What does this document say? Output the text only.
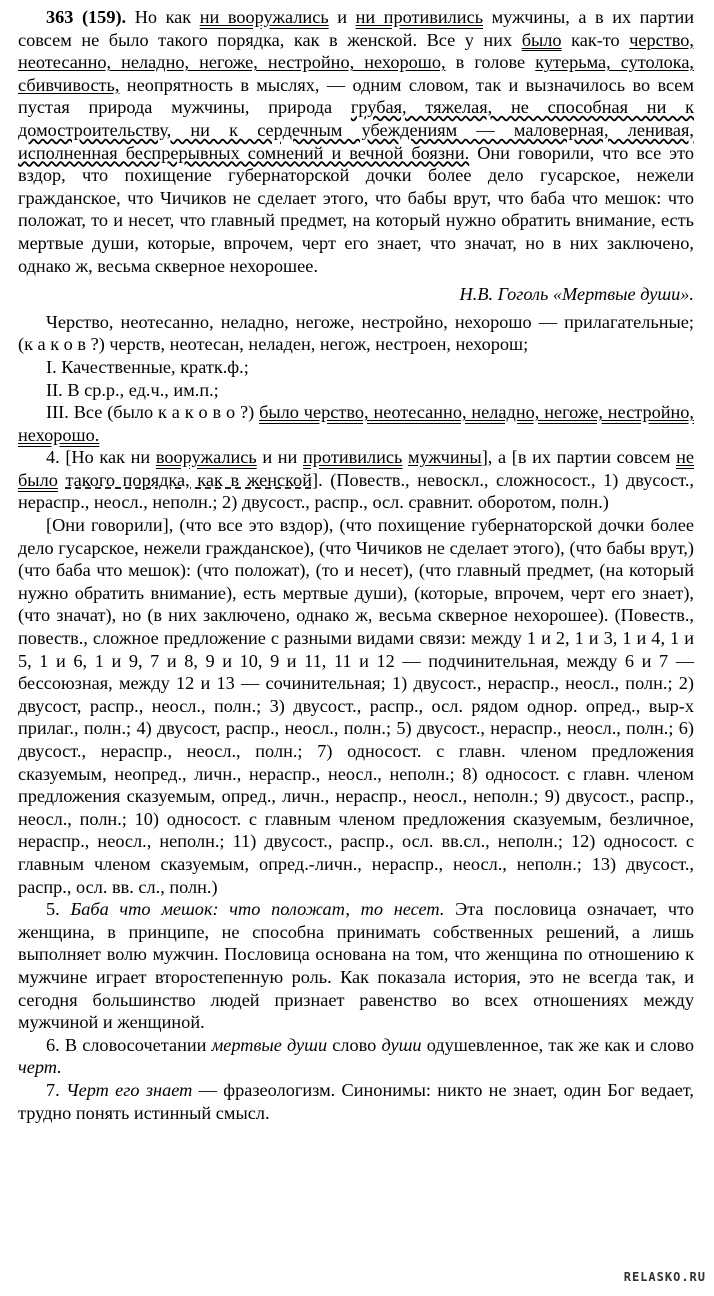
363 (159). Но как ни вооружались и ни противились мужчины, а в их партии совсем не было такого порядка, как в женской. Все у них было как-то черство, неотесанно, неладно, негоже, нестройно, нехорошо, в голове кутерьма, сутолока, сбивчивость, неопрятность в мыслях, — одним словом, так и вызначилось во всем пустая природа мужчины, природа грубая, тяжелая, не способная ни к домостроительству, ни к сердечным убеждениям — маловерная, ленивая, исполненная беспрерывных сомнений и вечной боязни. Они говорили, что все это вздор, что похищение губернаторской дочки более дело гусарское, нежели гражданское, что Чичиков не сделает этого, что бабы врут, что баба что мешок: что положат, то и несет, что главный предмет, на который нужно обратить внимание, есть мертвые души, которые, впрочем, черт его знает, что значат, но в них заключено, однако ж, весьма скверное нехорошее.

Н.В. Гоголь «Мертвые души».

Черство, неотесанно, неладно, негоже, нестройно, нехорошо — прилагательные; (к а к о в ?) черств, неотесан, неладен, негож, нестроен, нехорош;

I. Качественные, кратк.ф.;

II. В ср.р., ед.ч., им.п.;

III. Все (было к а к о в о ?) было черство, неотесанно, неладно, негоже, нестройно, нехорошо.

4. [Но как ни вооружались и ни противились мужчины], а [в их партии совсем не было такого порядка, как в женской]. (Повеств., невоскл., сложносост., 1) двусост., нераспр., неосл., неполн.; 2) двусост., распр., осл. сравнит. оборотом, полн.)

[Они говорили], (что все это вздор), (что похищение губернаторской дочки более дело гусарское, нежели гражданское), (что Чичиков не сделает этого), (что бабы врут,) (что баба что мешок): (что положат), (то и несет), (что главный предмет, (на который нужно обратить внимание), есть мертвые души), (которые, впрочем, черт его знает), (что значат), но (в них заключено, однако ж, весьма скверное нехорошее). (Повеств., повеств., сложное предложение с разными видами связи: между 1 и 2, 1 и 3, 1 и 4, 1 и 5, 1 и 6, 1 и 9, 7 и 8, 9 и 10, 9 и 11, 11 и 12 — подчинительная, между 6 и 7 — бессоюзная, между 12 и 13 — сочинительная; 1) двусост., нераспр., неосл., полн.; 2) двусост, распр., неосл., полн.; 3) двусост., распр., осл. рядом однор. опред., выр-х прилаг., полн.; 4) двусост, распр., неосл., полн.; 5) двусост., нераспр., неосл., полн.; 6) двусост., нераспр., неосл., полн.; 7) односост. с главн. членом предложения сказуемым, неопред., личн., нераспр., неосл., неполн.; 8) односост. с главн. членом предложения сказуемым, опред., личн., нераспр., неосл., неполн.; 9) двусост., распр., неосл., полн.; 10) односост. с главным членом предложения сказуемым, безличное, нераспр., неосл., неполн.; 11) двусост., распр., осл. вв.сл., неполн.; 12) односост. с главным членом сказуемым, опред.-личн., нераспр., неосл., неполн.; 13) двусост., распр., осл. вв. сл., полн.)

5. Баба что мешок: что положат, то несет. Эта пословица означает, что женщина, в принципе, не способна принимать собственных решений, а лишь выполняет волю мужчин. Пословица основана на том, что женщина по отношению к мужчине играет второстепенную роль. Как показала история, это не всегда так, и сегодня большинство людей признает равенство во всех отношениях между мужчиной и женщиной.

6. В словосочетании мертвые души слово души одушевленное, так же как и слово черт.

7. Черт его знает — фразеологизм. Синонимы: никто не знает, один Бог ведает, трудно понять истинный смысл.

RELASKO.RU
